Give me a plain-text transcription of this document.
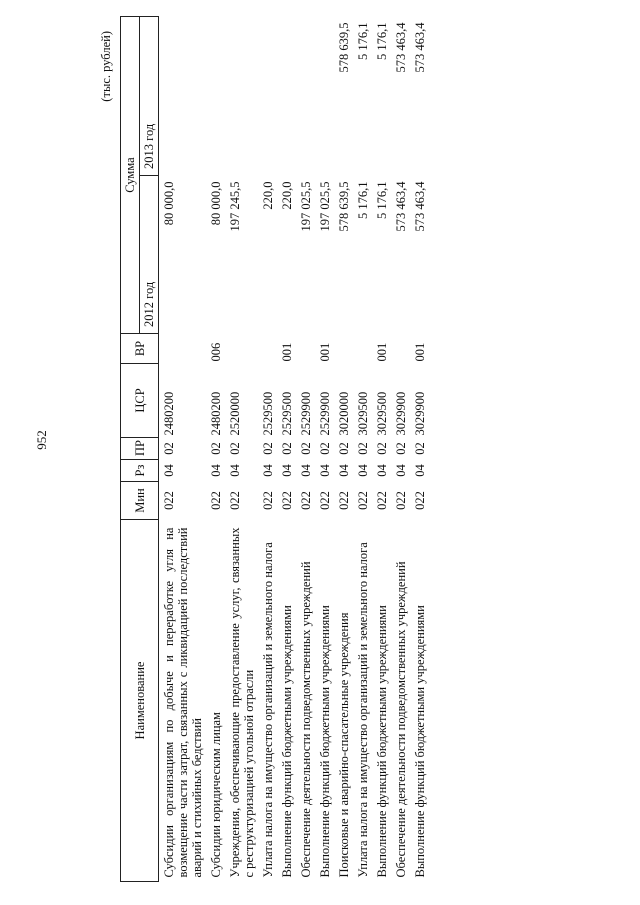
952
(тыс. рублей)
Наименование	Мин	Рз	ПР	ЦСР	ВР	Сумма	
						2012 год	2013 год
Субсидии организациям по добыче и переработке угля на возмещение части затрат, связанных с ликвидацией последствий аварий и стихийных бедствий	022	04	02	2480200		80 000,0	
Субсидии юридическим лицам	022	04	02	2480200	006	80 000,0	
Учреждения, обеспечивающие предоставление услуг, связанных с реструктуризацией угольной отрасли	022	04	02	2520000		197 245,5	
Уплата налога на имущество организаций и земельного налога	022	04	02	2529500		220,0	
Выполнение функций бюджетными учреждениями	022	04	02	2529500	001	220,0	
Обеспечение деятельности подведомственных учреждений	022	04	02	2529900		197 025,5	
Выполнение функций бюджетными учреждениями	022	04	02	2529900	001	197 025,5	
Поисковые и аварийно-спасательные учреждения	022	04	02	3020000		578 639,5	578 639,5
Уплата налога на имущество организаций и земельного налога	022	04	02	3029500		5 176,1	5 176,1
Выполнение функций бюджетными учреждениями	022	04	02	3029500	001	5 176,1	5 176,1
Обеспечение деятельности подведомственных учреждений	022	04	02	3029900		573 463,4	573 463,4
Выполнение функций бюджетными учреждениями	022	04	02	3029900	001	573 463,4	573 463,4
